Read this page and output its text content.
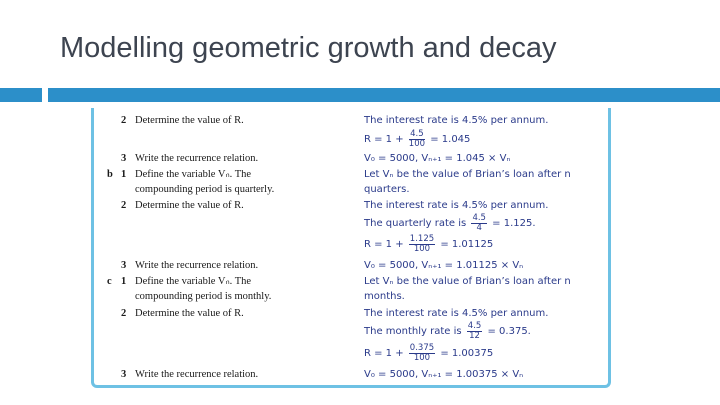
Modelling geometric growth and decay
2 Determine the value of R.	The interest rate is 4.5% per annum.
$R = 1 + \frac{4.5}{100} = 1.045$
3 Write the recurrence relation.	V₀ = 5000, Vₙ₊₁ = 1.045 × Vₙ
b 1 Define the variable Vₙ. The	Let Vₙ be the value of Brian’s loan after n
compounding period is quarterly.	quarters.
2 Determine the value of R.	The interest rate is 4.5% per annum.
The quarterly rate is $\frac{4.5}{4} = 1.125$.
$R = 1 + \frac{1.125}{100} = 1.01125$
3 Write the recurrence relation.	V₀ = 5000, Vₙ₊₁ = 1.01125 × Vₙ
c 1 Define the variable Vₙ. The	Let Vₙ be the value of Brian’s loan after n
compounding period is monthly.	months.
2 Determine the value of R.	The interest rate is 4.5% per annum.
The monthly rate is $\frac{4.5}{12} = 0.375$.
$R = 1 + \frac{0.375}{100} = 1.00375$
3 Write the recurrence relation.	V₀ = 5000, Vₙ₊₁ = 1.00375 × Vₙ
